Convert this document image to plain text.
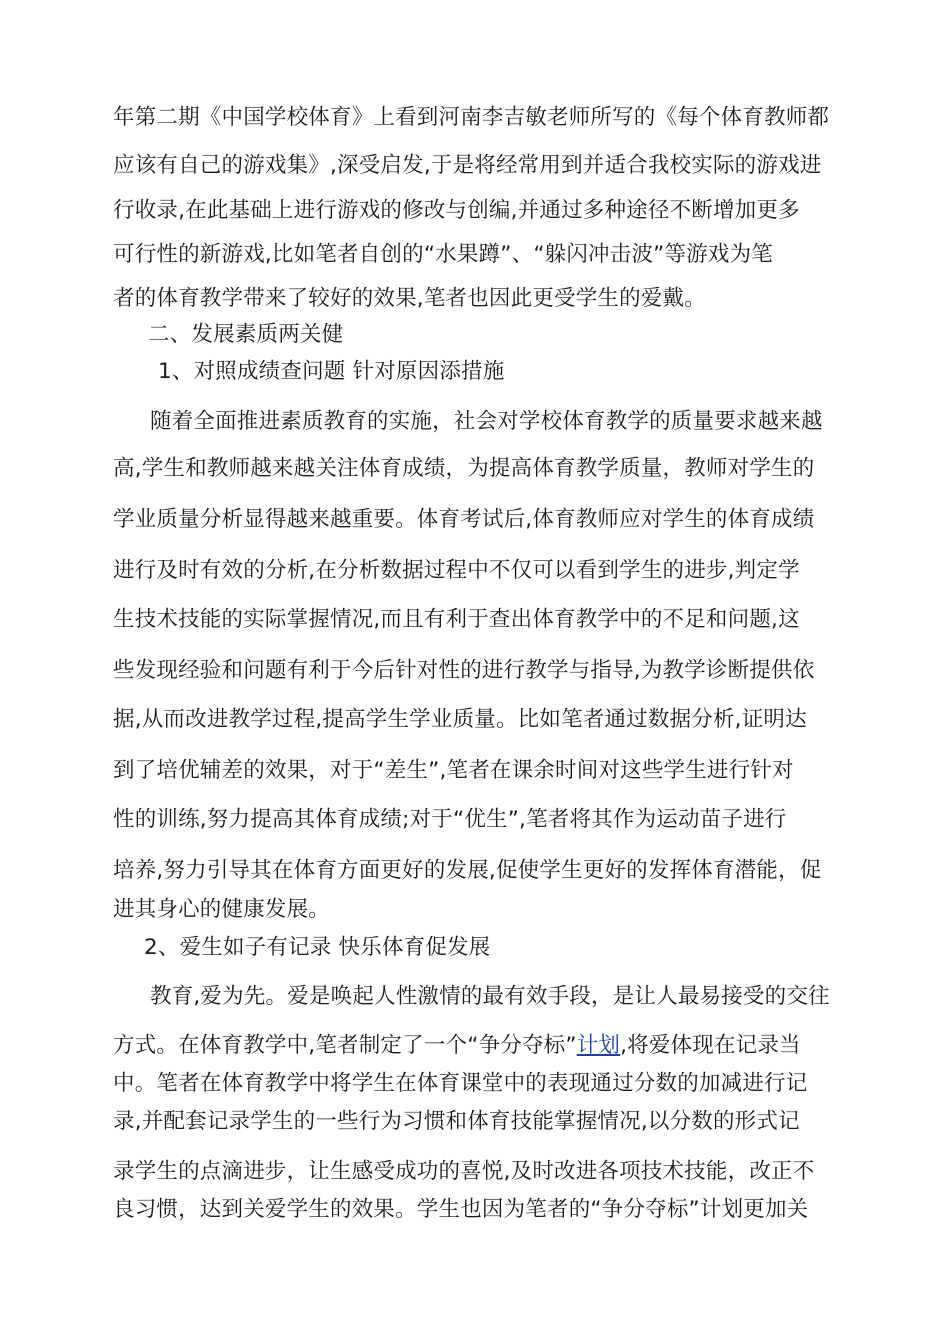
年第二期《中国学校体育》上看到河南李吉敏老师所写的《每个体育教师都
应该有自己的游戏集》,深受启发,于是将经常用到并适合我校实际的游戏进
行收录,在此基础上进行游戏的修改与创编,并通过多种途径不断增加更多
可行性的新游戏,比如笔者自创的“水果蹲”、“躲闪冲击波”等游戏为笔
者的体育教学带来了较好的效果,笔者也因此更受学生的爱戴。
二、发展素质两关健
1、对照成绩查问题 针对原因添措施
随着全面推进素质教育的实施，社会对学校体育教学的质量要求越来越
高,学生和教师越来越关注体育成绩，为提高体育教学质量，教师对学生的
学业质量分析显得越来越重要。体育考试后,体育教师应对学生的体育成绩
进行及时有效的分析,在分析数据过程中不仅可以看到学生的进步,判定学
生技术技能的实际掌握情况,而且有利于查出体育教学中的不足和问题,这
些发现经验和问题有利于今后针对性的进行教学与指导,为教学诊断提供依
据,从而改进教学过程,提高学生学业质量。比如笔者通过数据分析,证明达
到了培优辅差的效果，对于“差生”,笔者在课余时间对这些学生进行针对
性的训练,努力提高其体育成绩;对于“优生”,笔者将其作为运动苗子进行
培养,努力引导其在体育方面更好的发展,促使学生更好的发挥体育潜能，促
进其身心的健康发展。
2、爱生如子有记录 快乐体育促发展
教育,爱为先。爱是唤起人性激情的最有效手段，是让人最易接受的交往
方式。在体育教学中,笔者制定了一个“争分夺标”计划,将爱体现在记录当
中。笔者在体育教学中将学生在体育课堂中的表现通过分数的加减进行记
录,并配套记录学生的一些行为习惯和体育技能掌握情况,以分数的形式记
录学生的点滴进步，让生感受成功的喜悦,及时改进各项技术技能，改正不
良习惯，达到关爱学生的效果。学生也因为笔者的“争分夺标”计划更加关
